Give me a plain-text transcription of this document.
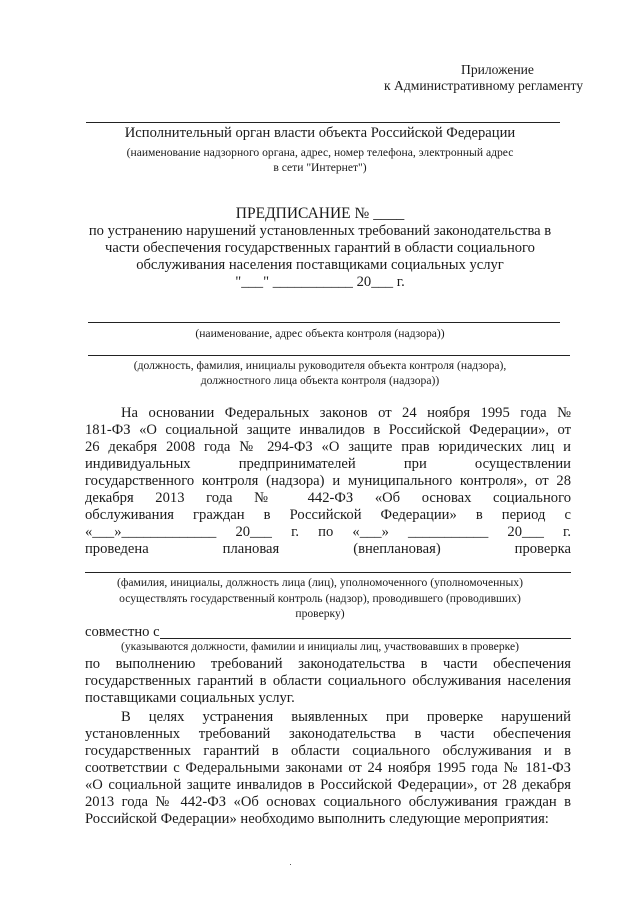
Приложение
к Административному регламенту
Исполнительный орган власти объекта Российской Федерации
(наименование надзорного органа, адрес, номер телефона, электронный адрес
в сети "Интернет")
ПРЕДПИСАНИЕ № ____
по устранению нарушений установленных требований законодательства в
части обеспечения государственных гарантий в области социального
обслуживания населения поставщиками социальных услуг
"___" ___________ 20___ г.
(наименование, адрес объекта контроля (надзора))
(должность, фамилия, инициалы руководителя объекта контроля (надзора),
должностного лица объекта контроля (надзора))
На основании Федеральных законов от 24 ноября 1995 года №
181-ФЗ «О социальной защите инвалидов в Российской Федерации», от
26 декабря 2008 года № 294-ФЗ «О защите прав юридических лиц и
индивидуальных предпринимателей при осуществлении
государственного контроля (надзора) и муниципального контроля», от 28
декабря 2013 года № 442-ФЗ «Об основах социального
обслуживания граждан в Российской Федерации» в период с
«___»_____________ 20___ г. по «___» ___________ 20___ г.
проведена плановая (внеплановая) проверка
(фамилия, инициалы, должность лица (лиц), уполномоченного (уполномоченных)
осуществлять государственный контроль (надзор), проводившего (проводивших)
проверку)
совместно с
(указываются должности, фамилии и инициалы лиц, участвовавших в проверке)
по выполнению требований законодательства в части обеспечения
государственных гарантий в области социального обслуживания населения
поставщиками социальных услуг.
В целях устранения выявленных при проверке нарушений
установленных требований законодательства в части обеспечения
государственных гарантий в области социального обслуживания и в
соответствии с Федеральными законами от 24 ноября 1995 года № 181-ФЗ
«О социальной защите инвалидов в Российской Федерации», от 28 декабря
2013 года № 442-ФЗ «Об основах социального обслуживания граждан в
Российской Федерации» необходимо выполнить следующие мероприятия:
